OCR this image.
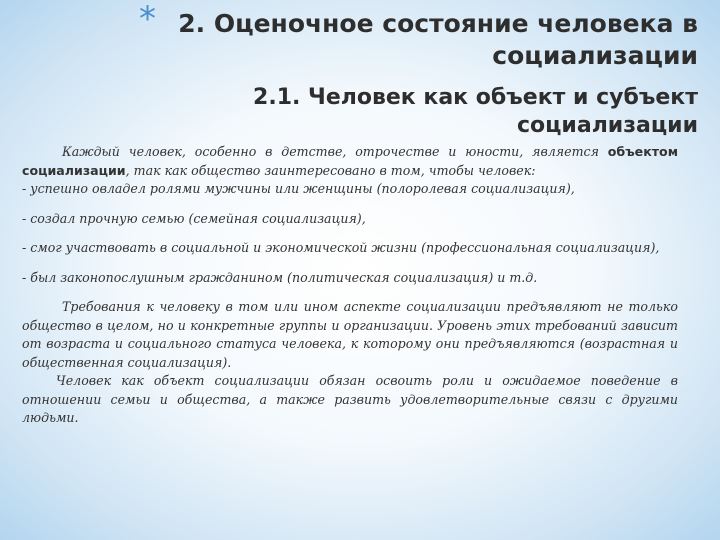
* 2. Оценочное состояние человека в социализации
2.1. Человек как объект и субъект социализации

Каждый человек, особенно в детстве, отрочестве и юности, является объектом социализации, так как общество заинтересовано в том, чтобы человек:

- успешно овладел ролями мужчины или женщины (полоролевая социализация),

- создал прочную семью (семейная социализация),

- смог участвовать в социальной и экономической жизни (профессиональная социализация),

- был законопослушным гражданином (политическая социализация) и т.д.

Требования к человеку в том или ином аспекте социализации предъявляют не только общество в целом, но и конкретные группы и организации. Уровень этих требований зависит от возраста и социального статуса человека, к которому они предъявляются (возрастная и общественная социализация).

Человек как объект социализации обязан освоить роли и ожидаемое поведение в отношении семьи и общества, а также развить удовлетворительные связи с другими людьми.
